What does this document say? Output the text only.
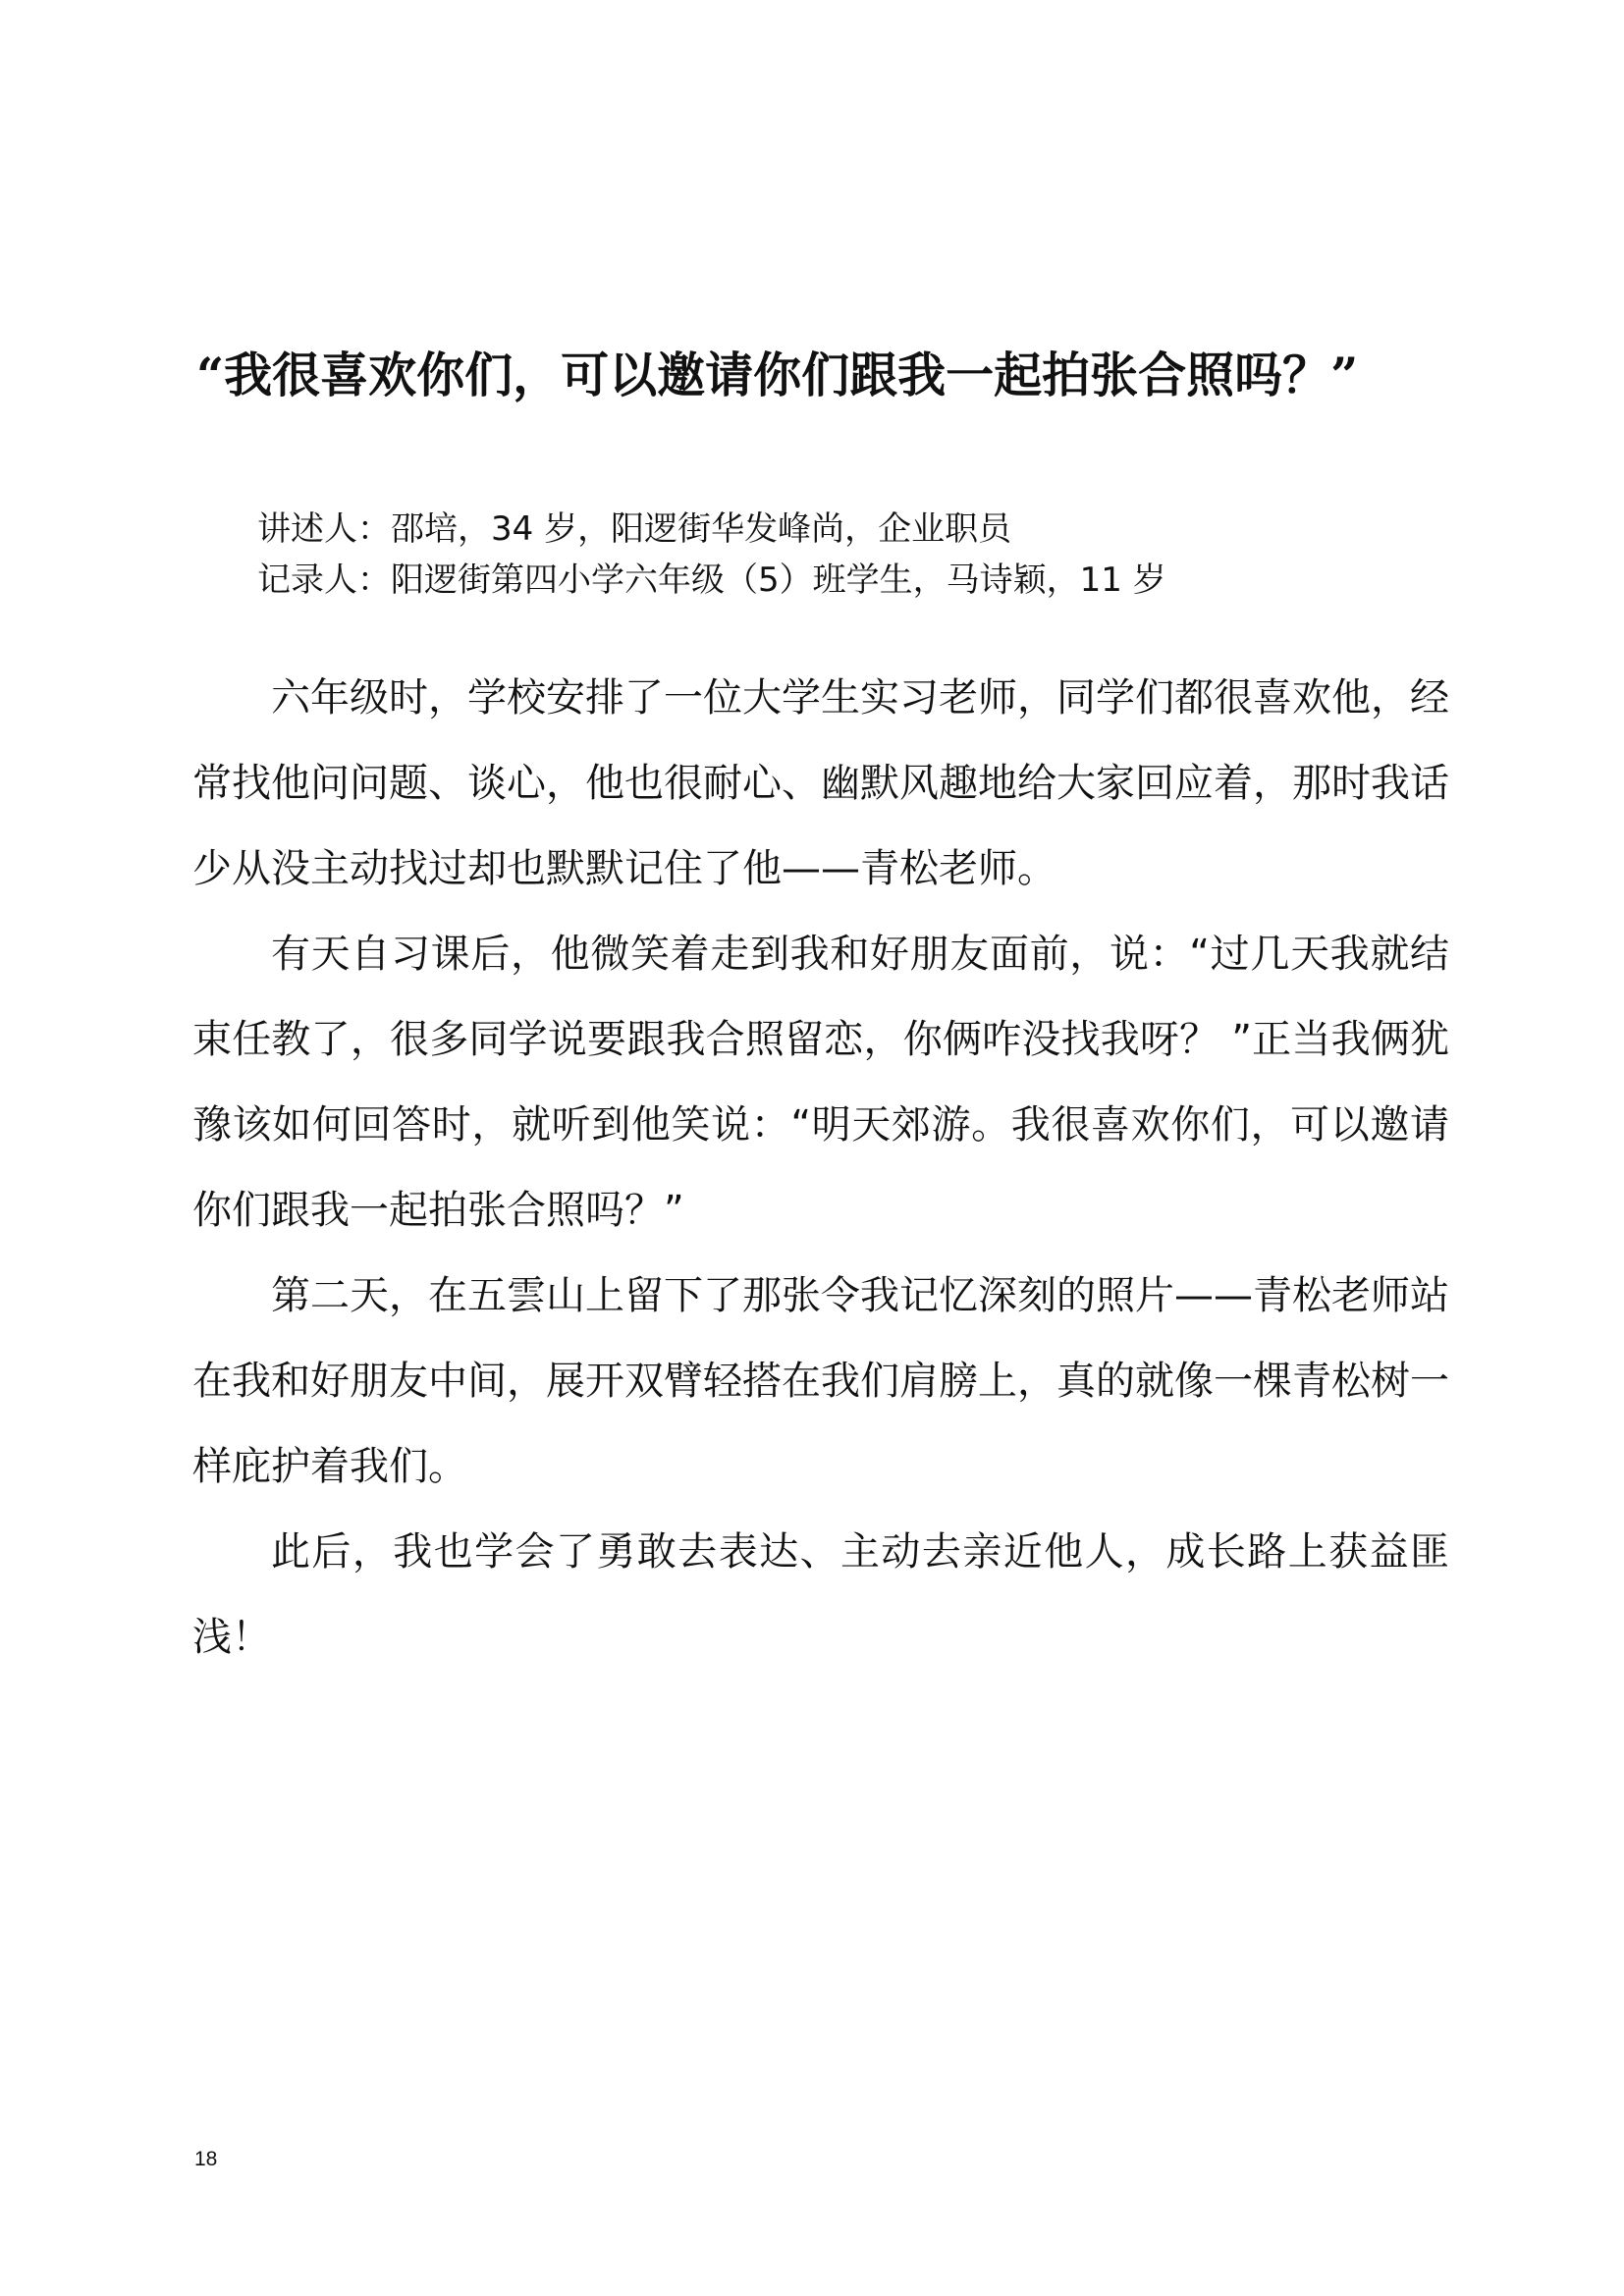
“我很喜欢你们，可以邀请你们跟我一起拍张合照吗？”

讲述人：邵培，34 岁，阳逻街华发峰尚，企业职员

记录人：阳逻街第四小学六年级（5）班学生，马诗颖，11 岁

六年级时，学校安排了一位大学生实习老师，同学们都很喜欢他，经常找他问问题、谈心，他也很耐心、幽默风趣地给大家回应着，那时我话少从没主动找过却也默默记住了他——青松老师。

有天自习课后，他微笑着走到我和好朋友面前，说：“过几天我就结束任教了，很多同学说要跟我合照留恋，你俩咋没找我呀？ ”正当我俩犹豫该如何回答时，就听到他笑说：“明天郊游。我很喜欢你们，可以邀请你们跟我一起拍张合照吗？”

第二天，在五雲山上留下了那张令我记忆深刻的照片——青松老师站在我和好朋友中间，展开双臂轻搭在我们肩膀上，真的就像一棵青松树一样庇护着我们。

此后，我也学会了勇敢去表达、主动去亲近他人，成长路上获益匪浅！

18
